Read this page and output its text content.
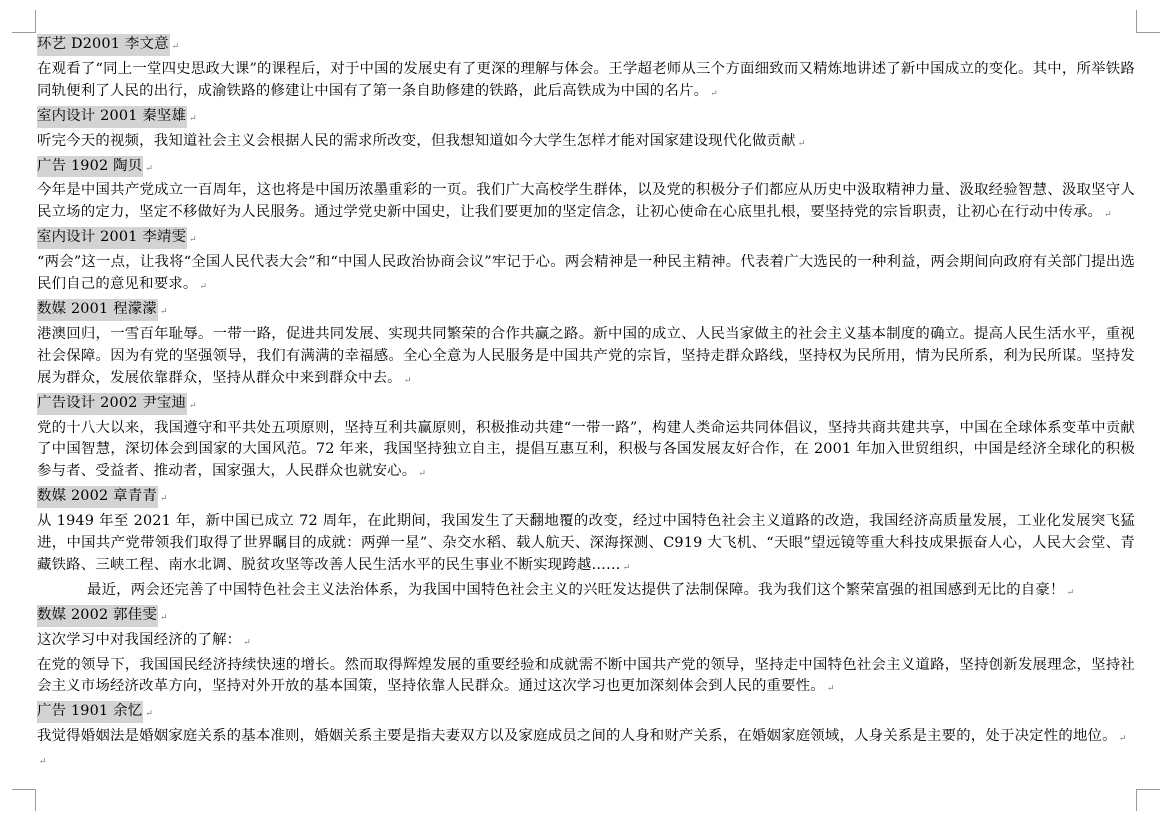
环艺 D2001 李文意 ↵

在观看了“同上一堂四史思政大课”的课程后，对于中国的发展史有了更深的理解与体会。王学超老师从三个方面细致而又精炼地讲述了新中国成立的变化。其中，所举铁路同轨便利了人民的出行，成渝铁路的修建让中国有了第一条自助修建的铁路，此后高铁成为中国的名片。 ↵

室内设计 2001 秦坚雄 ↵

听完今天的视频，我知道社会主义会根据人民的需求所改变，但我想知道如今大学生怎样才能对国家建设现代化做贡献 ↵

广告 1902 陶贝 ↵

今年是中国共产党成立一百周年，这也将是中国历浓墨重彩的一页。我们广大高校学生群体，以及党的积极分子们都应从历史中汲取精神力量、汲取经验智慧、汲取坚守人民立场的定力，坚定不移做好为人民服务。通过学党史新中国史，让我们要更加的坚定信念，让初心使命在心底里扎根，要坚持党的宗旨职责，让初心在行动中传承。 ↵

室内设计 2001 李靖雯 ↵

“两会”这一点，让我将“全国人民代表大会”和“中国人民政治协商会议”牢记于心。两会精神是一种民主精神。代表着广大选民的一种利益，两会期间向政府有关部门提出选民们自己的意见和要求。 ↵

数媒 2001 程濛濛 ↵

港澳回归，一雪百年耻辱。一带一路，促进共同发展、实现共同繁荣的合作共赢之路。新中国的成立、人民当家做主的社会主义基本制度的确立。提高人民生活水平，重视社会保障。因为有党的坚强领导，我们有满满的幸福感。全心全意为人民服务是中国共产党的宗旨，坚持走群众路线，坚持权为民所用，情为民所系，利为民所谋。坚持发展为群众，发展依靠群众，坚持从群众中来到群众中去。 ↵

广告设计 2002 尹宝迪 ↵

党的十八大以来，我国遵守和平共处五项原则，坚持互利共赢原则，积极推动共建“一带一路”，构建人类命运共同体倡议，坚持共商共建共享，中国在全球体系变革中贡献了中国智慧，深切体会到国家的大国风范。72 年来，我国坚持独立自主，提倡互惠互利，积极与各国发展友好合作，在 2001 年加入世贸组织，中国是经济全球化的积极参与者、受益者、推动者，国家强大，人民群众也就安心。 ↵

数媒 2002 章青青 ↵

从 1949 年至 2021 年，新中国已成立 72 周年，在此期间，我国发生了天翻地覆的改变，经过中国特色社会主义道路的改造，我国经济高质量发展，工业化发展突飞猛进，中国共产党带领我们取得了世界瞩目的成就：两弹一星”、杂交水稻、载人航天、深海探测、C919 大飞机、“天眼”望远镜等重大科技成果振奋人心，人民大会堂、青藏铁路、三峡工程、南水北调、脱贫攻坚等改善人民生活水平的民生事业不断实现跨越…… ↵

最近，两会还完善了中国特色社会主义法治体系，为我国中国特色社会主义的兴旺发达提供了法制保障。我为我们这个繁荣富强的祖国感到无比的自豪！ ↵

数媒 2002 郭佳雯 ↵

这次学习中对我国经济的了解： ↵

在党的领导下，我国国民经济持续快速的增长。然而取得辉煌发展的重要经验和成就需不断中国共产党的领导，坚持走中国特色社会主义道路，坚持创新发展理念，坚持社会主义市场经济改革方向，坚持对外开放的基本国策，坚持依靠人民群众。通过这次学习也更加深刻体会到人民的重要性。 ↵

广告 1901 余忆 ↵

我觉得婚姻法是婚姻家庭关系的基本准则，婚姻关系主要是指夫妻双方以及家庭成员之间的人身和财产关系，在婚姻家庭领域，人身关系是主要的，处于决定性的地位。 ↵

↵
